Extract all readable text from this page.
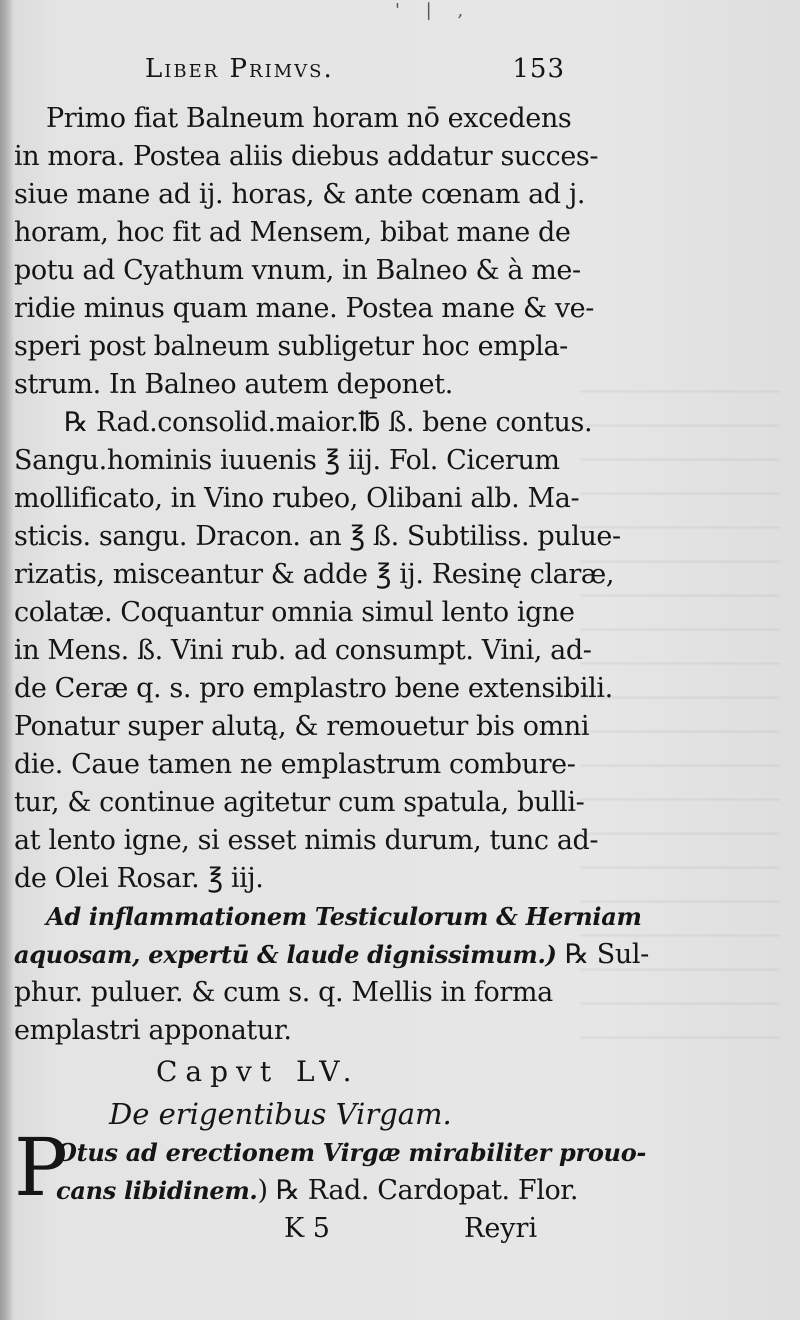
' | ,
Liber Primvs.	153
Primo fiat Balneum horam nō excedens
in mora. Postea aliis diebus addatur succes-
siue mane ad ij. horas, & ante cœnam ad j.
horam, hoc fit ad Mensem, bibat mane de
potu ad Cyathum vnum, in Balneo & à me-
ridie minus quam mane. Postea mane & ve-
speri post balneum subligetur hoc empla-
strum. In Balneo autem deponet.
℞ Rad.consolid.maior.℔ ß. bene contus.
Sangu.hominis iuuenis ℥ iij. Fol. Cicerum
mollificato, in Vino rubeo, Olibani alb. Ma-
sticis. sangu. Dracon. an ℥ ß. Subtiliss. pulue-
rizatis, misceantur & adde ℥ ij. Resinę claræ,
colatæ. Coquantur omnia simul lento igne
in Mens. ß. Vini rub. ad consumpt. Vini, ad-
de Ceræ q. s. pro emplastro bene extensibili.
Ponatur super alutą, & remouetur bis omni
die. Caue tamen ne emplastrum combure-
tur, & continue agitetur cum spatula, bulli-
at lento igne, si esset nimis durum, tunc ad-
de Olei Rosar. ℥ iij.
Ad inflammationem Testiculorum & Herniam
aquosam, expertū & laude dignissimum.) ℞ Sul-
phur. puluer. & cum s. q. Mellis in forma
emplastri apponatur.
Capvt LV.
De erigentibus Virgam.
P
Otus ad erectionem Virgæ mirabiliter prouo-
cans libidinem.) ℞ Rad. Cardopat. Flor.
K 5	Reyri
